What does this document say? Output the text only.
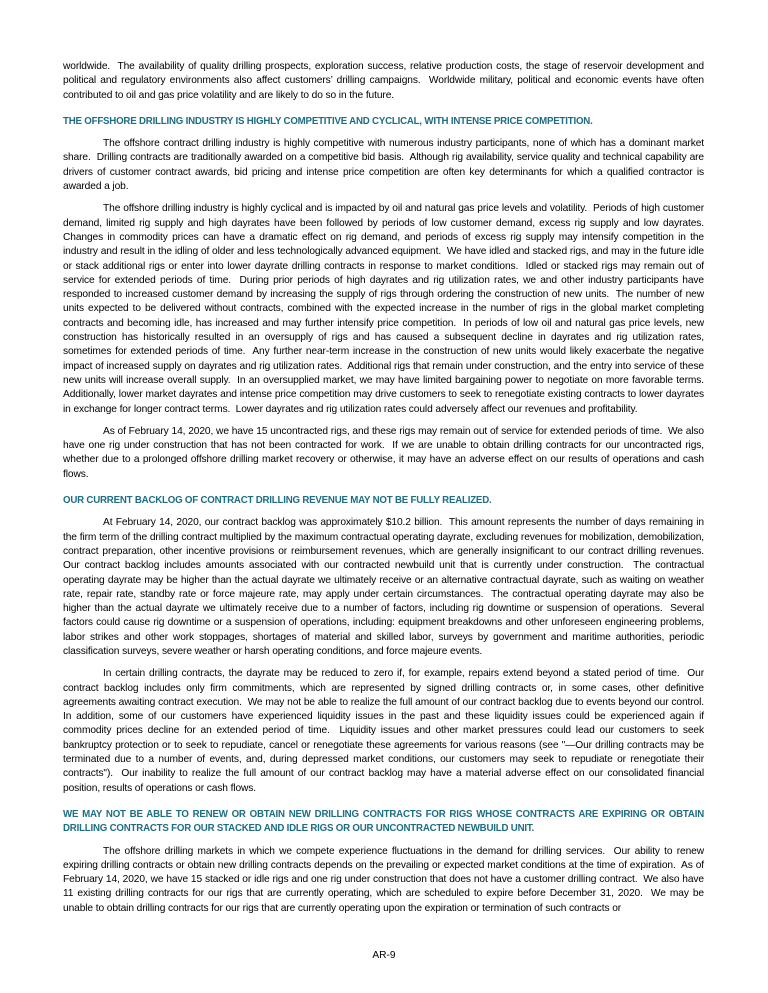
worldwide.  The availability of quality drilling prospects, exploration success, relative production costs, the stage of reservoir development and political and regulatory environments also affect customers’ drilling campaigns.  Worldwide military, political and economic events have often contributed to oil and gas price volatility and are likely to do so in the future.

THE OFFSHORE DRILLING INDUSTRY IS HIGHLY COMPETITIVE AND CYCLICAL, WITH INTENSE PRICE COMPETITION.

The offshore contract drilling industry is highly competitive with numerous industry participants, none of which has a dominant market share.  Drilling contracts are traditionally awarded on a competitive bid basis.  Although rig availability, service quality and technical capability are drivers of customer contract awards, bid pricing and intense price competition are often key determinants for which a qualified contractor is awarded a job.

The offshore drilling industry is highly cyclical and is impacted by oil and natural gas price levels and volatility.  Periods of high customer demand, limited rig supply and high dayrates have been followed by periods of low customer demand, excess rig supply and low dayrates.  Changes in commodity prices can have a dramatic effect on rig demand, and periods of excess rig supply may intensify competition in the industry and result in the idling of older and less technologically advanced equipment.  We have idled and stacked rigs, and may in the future idle or stack additional rigs or enter into lower dayrate drilling contracts in response to market conditions.  Idled or stacked rigs may remain out of service for extended periods of time.  During prior periods of high dayrates and rig utilization rates, we and other industry participants have responded to increased customer demand by increasing the supply of rigs through ordering the construction of new units.  The number of new units expected to be delivered without contracts, combined with the expected increase in the number of rigs in the global market completing contracts and becoming idle, has increased and may further intensify price competition.  In periods of low oil and natural gas price levels, new construction has historically resulted in an oversupply of rigs and has caused a subsequent decline in dayrates and rig utilization rates, sometimes for extended periods of time.  Any further near-term increase in the construction of new units would likely exacerbate the negative impact of increased supply on dayrates and rig utilization rates.  Additional rigs that remain under construction, and the entry into service of these new units will increase overall supply.  In an oversupplied market, we may have limited bargaining power to negotiate on more favorable terms.  Additionally, lower market dayrates and intense price competition may drive customers to seek to renegotiate existing contracts to lower dayrates in exchange for longer contract terms.  Lower dayrates and rig utilization rates could adversely affect our revenues and profitability.

As of February 14, 2020, we have 15 uncontracted rigs, and these rigs may remain out of service for extended periods of time.  We also have one rig under construction that has not been contracted for work.  If we are unable to obtain drilling contracts for our uncontracted rigs, whether due to a prolonged offshore drilling market recovery or otherwise, it may have an adverse effect on our results of operations and cash flows.

OUR CURRENT BACKLOG OF CONTRACT DRILLING REVENUE MAY NOT BE FULLY REALIZED.

At February 14, 2020, our contract backlog was approximately $10.2 billion.  This amount represents the number of days remaining in the firm term of the drilling contract multiplied by the maximum contractual operating dayrate, excluding revenues for mobilization, demobilization, contract preparation, other incentive provisions or reimbursement revenues, which are generally insignificant to our contract drilling revenues.  Our contract backlog includes amounts associated with our contracted newbuild unit that is currently under construction.  The contractual operating dayrate may be higher than the actual dayrate we ultimately receive or an alternative contractual dayrate, such as waiting on weather rate, repair rate, standby rate or force majeure rate, may apply under certain circumstances.  The contractual operating dayrate may also be higher than the actual dayrate we ultimately receive due to a number of factors, including rig downtime or suspension of operations.  Several factors could cause rig downtime or a suspension of operations, including: equipment breakdowns and other unforeseen engineering problems, labor strikes and other work stoppages, shortages of material and skilled labor, surveys by government and maritime authorities, periodic classification surveys, severe weather or harsh operating conditions, and force majeure events.

In certain drilling contracts, the dayrate may be reduced to zero if, for example, repairs extend beyond a stated period of time.  Our contract backlog includes only firm commitments, which are represented by signed drilling contracts or, in some cases, other definitive agreements awaiting contract execution.  We may not be able to realize the full amount of our contract backlog due to events beyond our control.  In addition, some of our customers have experienced liquidity issues in the past and these liquidity issues could be experienced again if commodity prices decline for an extended period of time.  Liquidity issues and other market pressures could lead our customers to seek bankruptcy protection or to seek to repudiate, cancel or renegotiate these agreements for various reasons (see "—Our drilling contracts may be terminated due to a number of events, and, during depressed market conditions, our customers may seek to repudiate or renegotiate their contracts").  Our inability to realize the full amount of our contract backlog may have a material adverse effect on our consolidated financial position, results of operations or cash flows.

WE MAY NOT BE ABLE TO RENEW OR OBTAIN NEW DRILLING CONTRACTS FOR RIGS WHOSE CONTRACTS ARE EXPIRING OR OBTAIN DRILLING CONTRACTS FOR OUR STACKED AND IDLE RIGS OR OUR UNCONTRACTED NEWBUILD UNIT.

The offshore drilling markets in which we compete experience fluctuations in the demand for drilling services.  Our ability to renew expiring drilling contracts or obtain new drilling contracts depends on the prevailing or expected market conditions at the time of expiration.  As of February 14, 2020, we have 15 stacked or idle rigs and one rig under construction that does not have a customer drilling contract.  We also have 11 existing drilling contracts for our rigs that are currently operating, which are scheduled to expire before December 31, 2020.  We may be unable to obtain drilling contracts for our rigs that are currently operating upon the expiration or termination of such contracts or

AR-9
